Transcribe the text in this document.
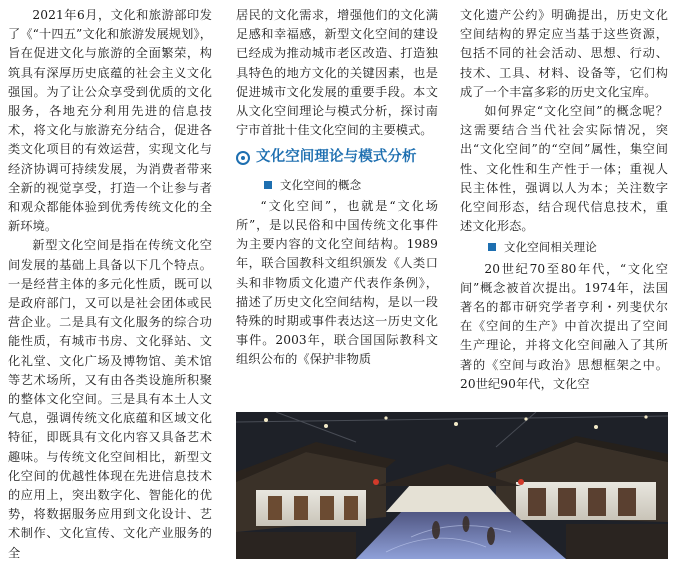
2021年6月，文化和旅游部印发了《“十四五”文化和旅游发展规划》，旨在促进文化与旅游的全面繁荣，构筑具有深厚历史底蕴的社会主义文化强国。为了让公众享受到优质的文化服务，各地充分利用先进的信息技术，将文化与旅游充分结合，促进各类文化项目的有效运营，实现文化与经济协调可持续发展，为消费者带来全新的视觉享受，打造一个让参与者和观众都能体验到优秀传统文化的全新环境。

新型文化空间是指在传统文化空间发展的基础上具备以下几个特点。一是经营主体的多元化性质，既可以是政府部门，又可以是社会团体或民营企业。二是具有文化服务的综合功能性质，有城市书房、文化驿站、文化礼堂、文化广场及博物馆、美术馆等艺术场所，又有由各类设施所积聚的整体文化空间。三是具有本土人文气息，强调传统文化底蕴和区域文化特征，即既具有文化内容又具备艺术趣味。与传统文化空间相比，新型文化空间的优越性体现在先进信息技术的应用上，突出数字化、智能化的优势，将数据服务应用到文化设计、艺术制作、文化宣传、文化产业服务的全

居民的文化需求，增强他们的文化满足感和幸福感，新型文化空间的建设已经成为推动城市老区改造、打造独具特色的地方文化的关键因素，也是促进城市文化发展的重要手段。本文从文化空间理论与模式分析，探讨南宁市首批十佳文化空间的主要模式。

文化空间理论与模式分析
文化空间的概念

“文化空间”，也就是“文化场所”，是以民俗和中国传统文化事件为主要内容的文化空间结构。1989年，联合国教科文组织颁发《人类口头和非物质文化遗产代表作条例》，描述了历史文化空间结构，是以一段特殊的时期或事件表达这一历史文化事件。2003年，联合国国际教科文组织公布的《保护非物质

文化遗产公约》明确提出，历史文化空间结构的界定应当基于这些资源，包括不同的社会活动、思想、行动、技术、工具、材料、设备等，它们构成了一个丰富多彩的历史文化宝库。

如何界定“文化空间”的概念呢？这需要结合当代社会实际情况，突出“文化空间”的“空间”属性，集空间性、文化性和生产性于一体；重视人民主体性，强调以人为本；关注数字化空间形态，结合现代信息技术，重述文化形态。

文化空间相关理论

20世纪70至80年代，“文化空间”概念被首次提出。1974年，法国著名的都市研究学者亨利・列斐伏尔在《空间的生产》中首次提出了空间生产理论，并将文化空间融入了其所著的《空间与政治》思想框架之中。20世纪90年代，文化空
